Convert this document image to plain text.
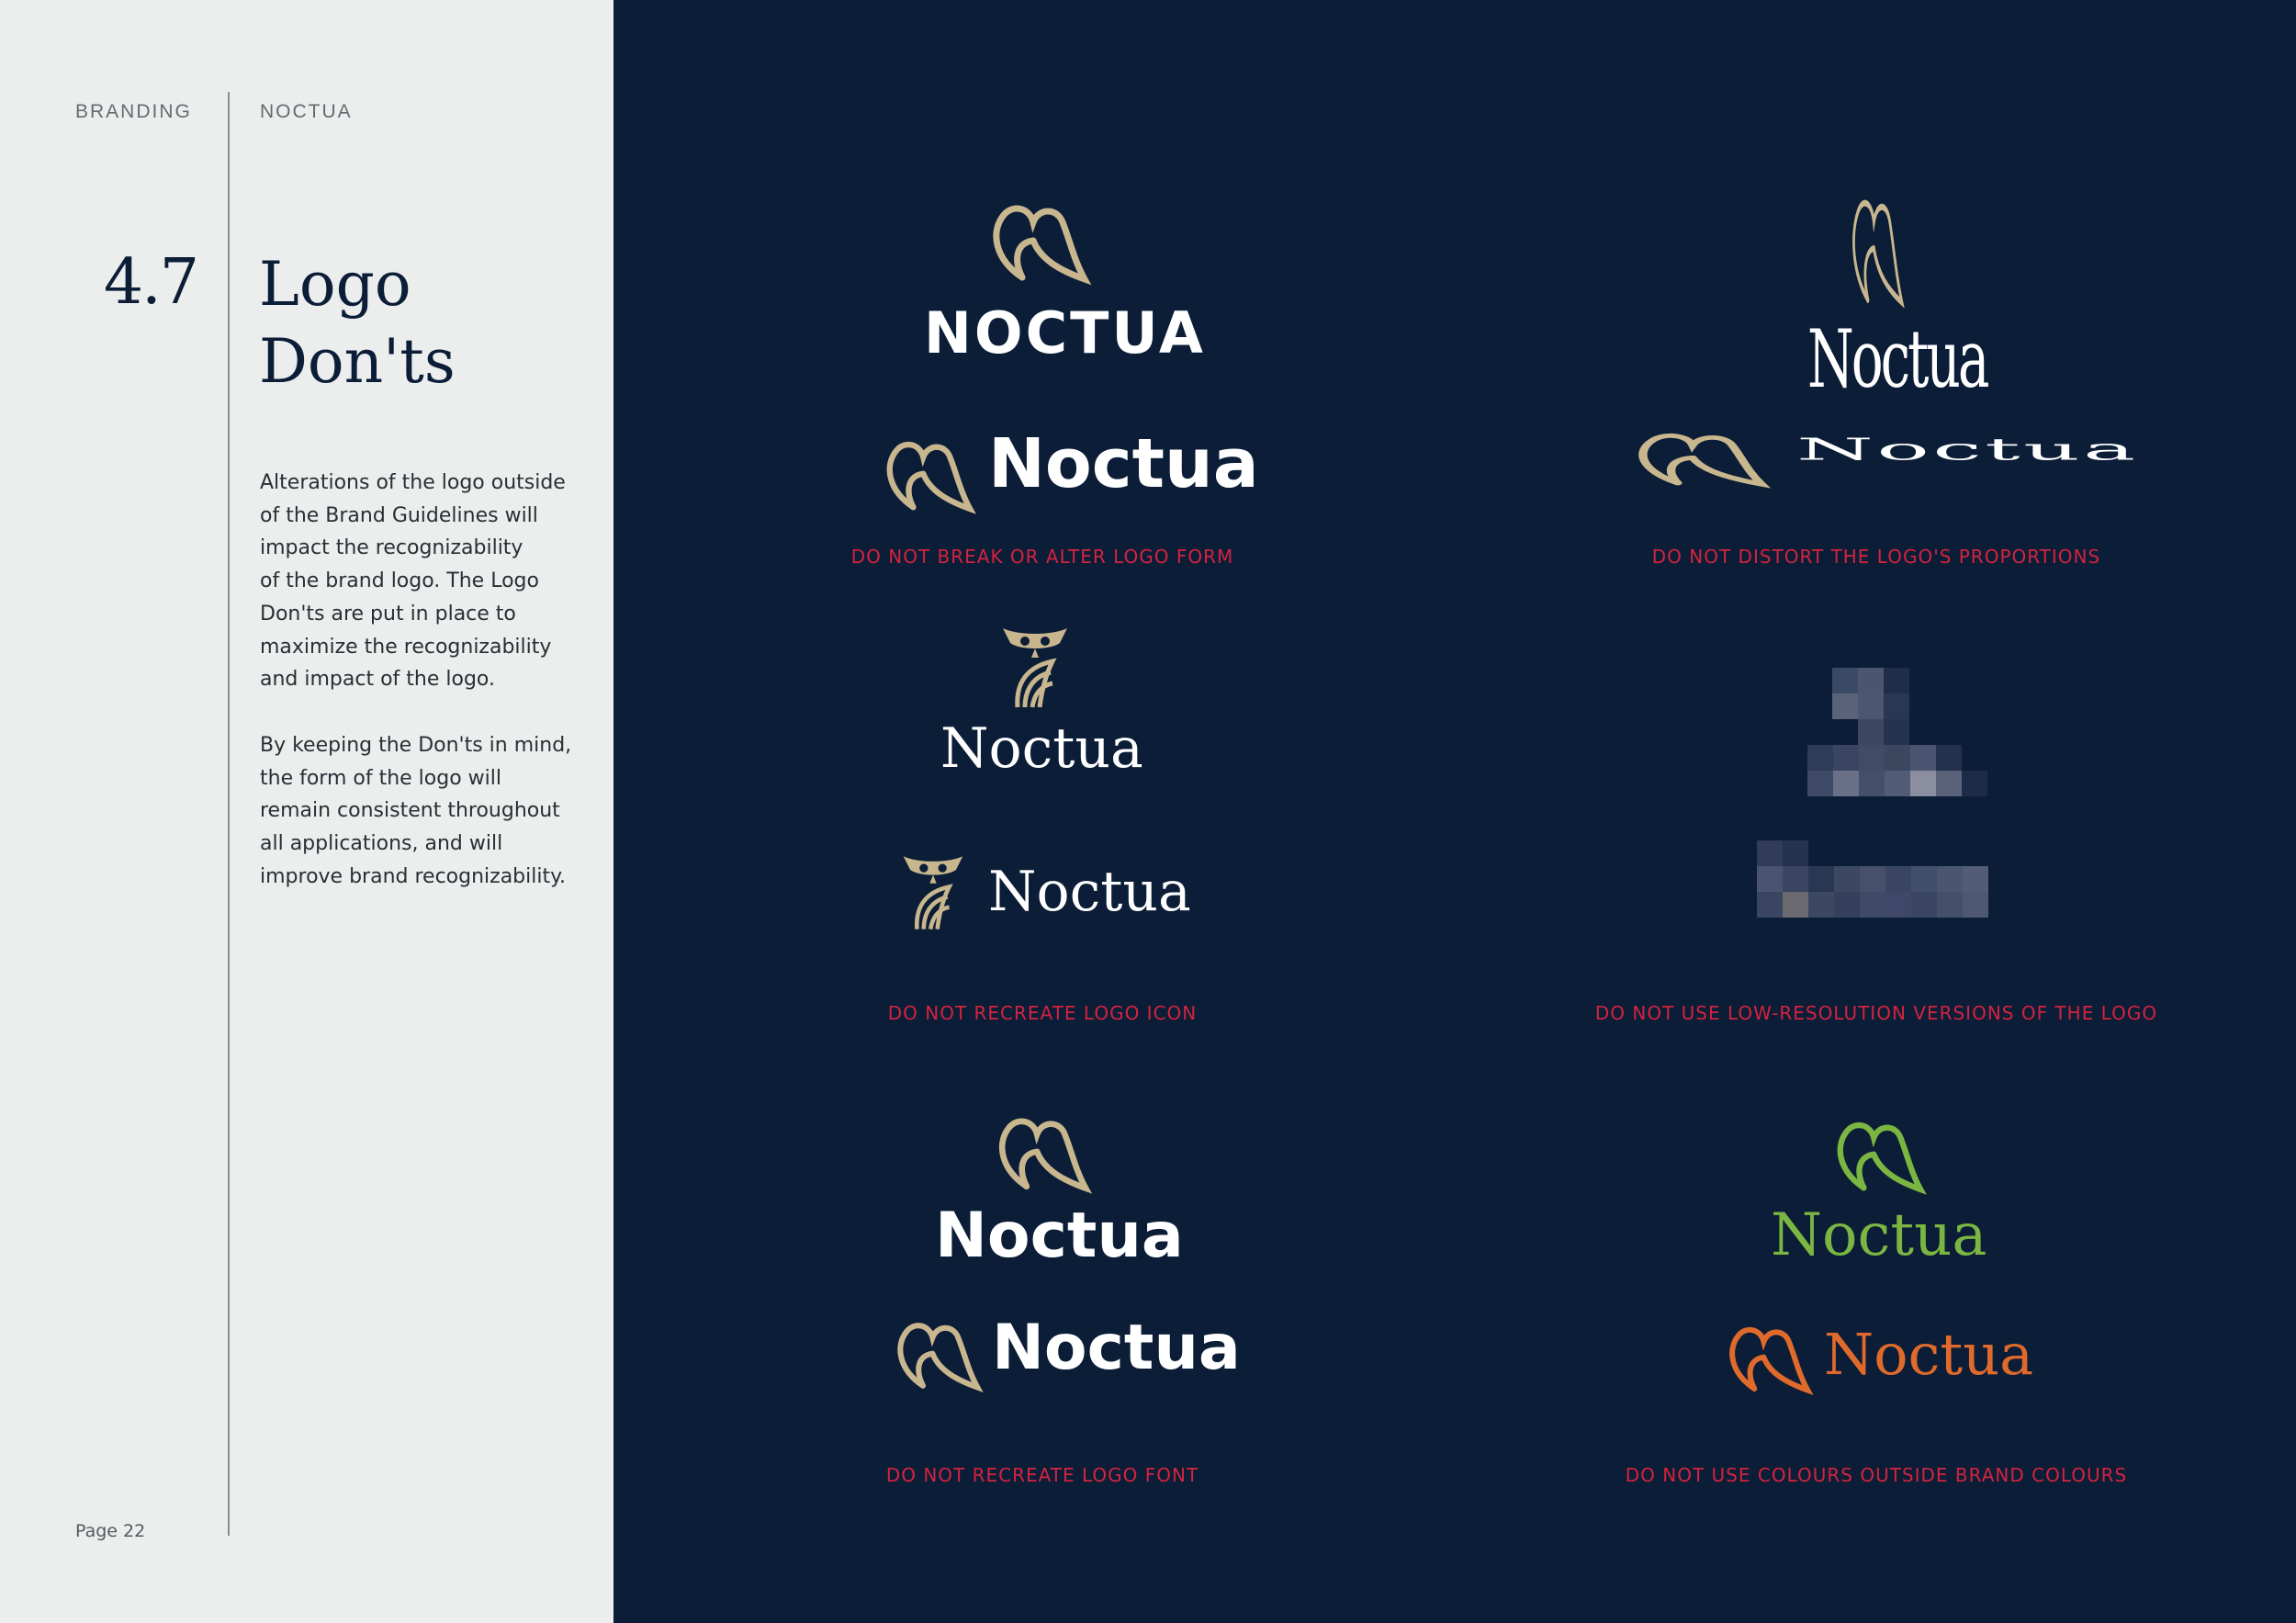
BRANDING	NOCTUA
4.7 Logo
Don'ts
Alterations of the logo outside
of the Brand Guidelines will
impact the recognizability
of the brand logo. The Logo
Don'ts are put in place to
maximize the recognizability
and impact of the logo.
By keeping the Don'ts in mind,
the form of the logo will
remain consistent throughout
all applications, and will
improve brand recognizability.
Page 22
NOCTUA
Noctua
DO NOT BREAK OR ALTER LOGO FORM
Noctua
Noctua
DO NOT DISTORT THE LOGO'S PROPORTIONS
Noctua
Noctua
DO NOT RECREATE LOGO ICON	DO NOT USE LOW-RESOLUTION VERSIONS OF THE LOGO
Noctua
Noctua
DO NOT RECREATE LOGO FONT
Noctua
Noctua
DO NOT USE COLOURS OUTSIDE BRAND COLOURS
